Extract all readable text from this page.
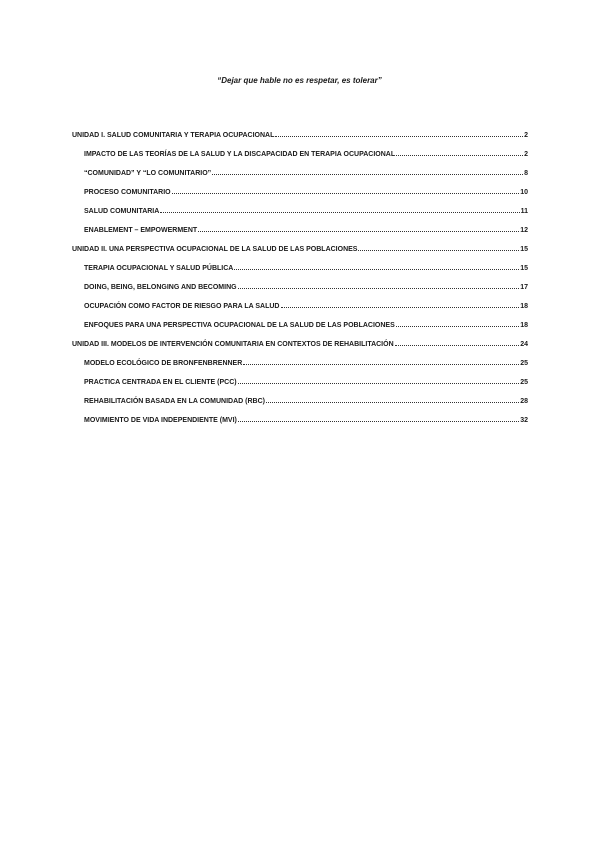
“Dejar que hable no es respetar, es tolerar”
UNIDAD I. SALUD COMUNITARIA Y TERAPIA OCUPACIONAL	2
IMPACTO DE LAS TEORÍAS DE LA SALUD Y LA DISCAPACIDAD EN TERAPIA OCUPACIONAL	2
“COMUNIDAD” Y “LO COMUNITARIO”	8
PROCESO COMUNITARIO	10
SALUD COMUNITARIA	11
ENABLEMENT – EMPOWERMENT	12
UNIDAD II. UNA PERSPECTIVA OCUPACIONAL DE LA SALUD DE LAS POBLACIONES	15
TERAPIA OCUPACIONAL Y SALUD PÚBLICA	15
DOING, BEING, BELONGING AND BECOMING	17
OCUPACIÓN COMO FACTOR DE RIESGO PARA LA SALUD	18
ENFOQUES PARA UNA PERSPECTIVA OCUPACIONAL DE LA SALUD DE LAS POBLACIONES	18
UNIDAD III. MODELOS DE INTERVENCIÓN COMUNITARIA EN CONTEXTOS DE REHABILITACIÓN	24
MODELO ECOLÓGICO DE BRONFENBRENNER	25
PRACTICA CENTRADA EN EL CLIENTE (PCC)	25
REHABILITACIÓN BASADA EN LA COMUNIDAD (RBC)	28
MOVIMIENTO DE VIDA INDEPENDIENTE (MVI)	32
